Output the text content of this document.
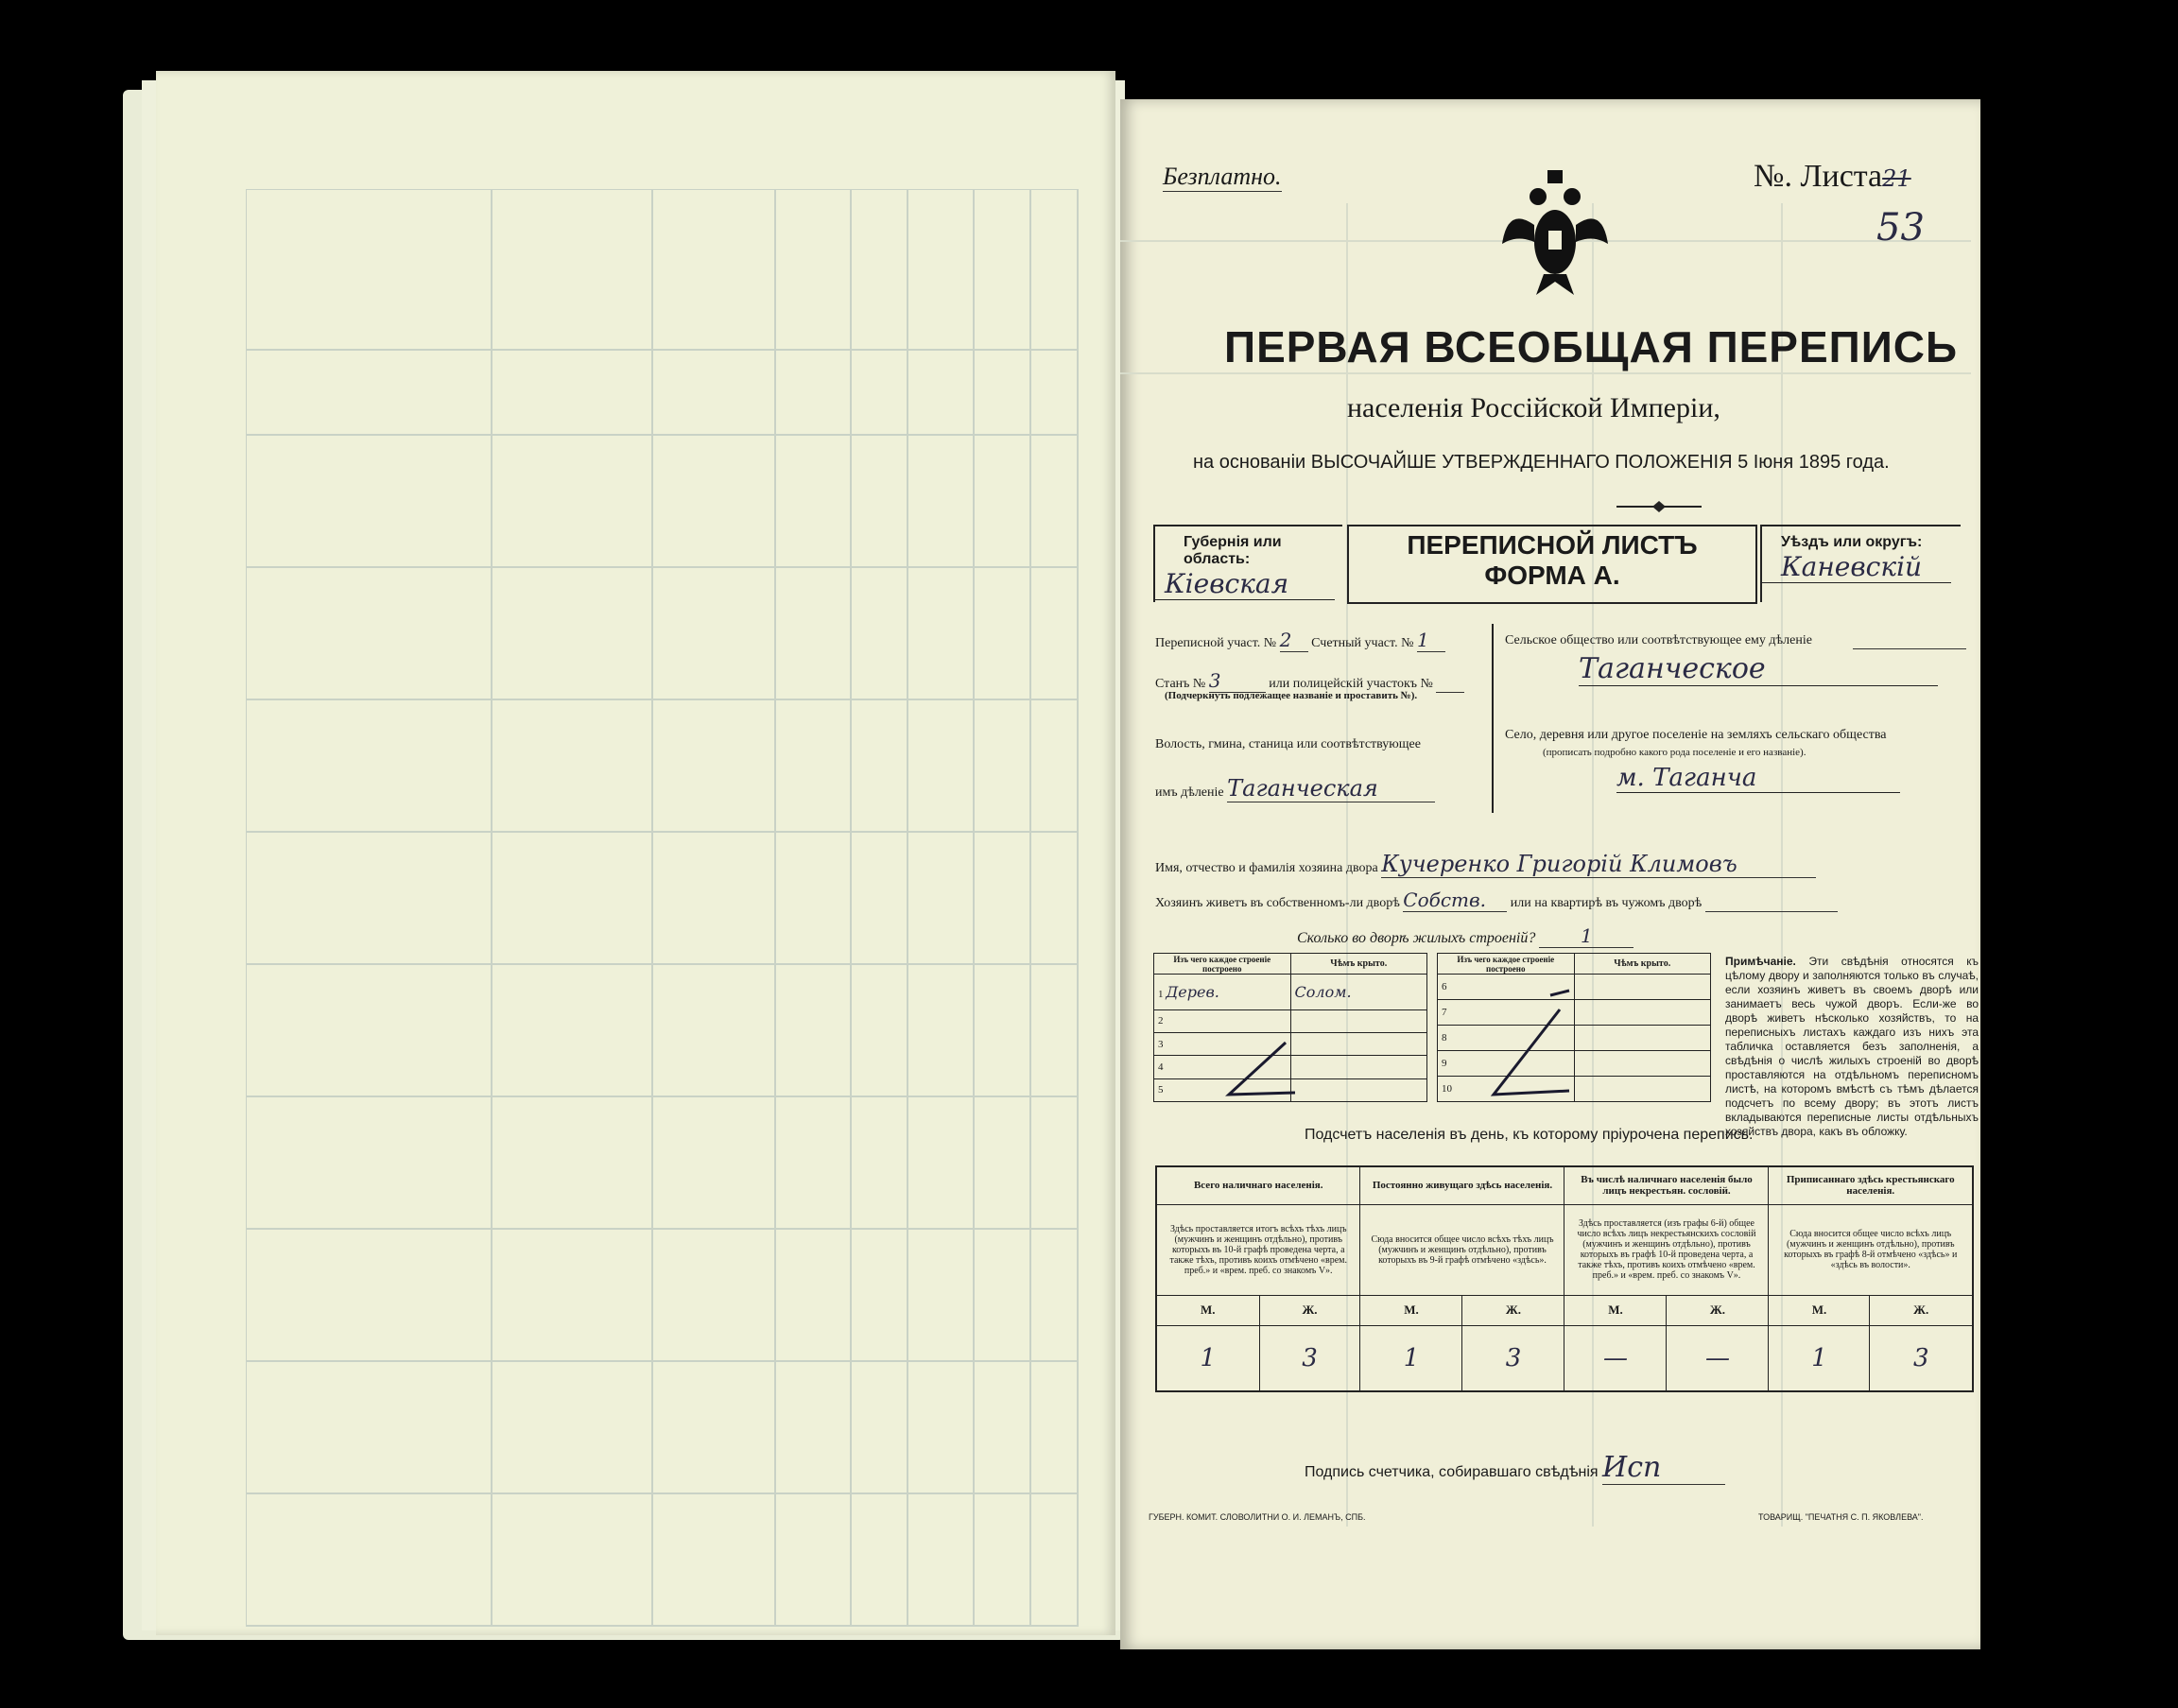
Безплатно.	№. Листа21
53
ПЕРВАЯ ВСЕОБЩАЯ ПЕРЕПИСЬ
населенія Россійской Имперіи,
на основаніи ВЫСОЧАЙШЕ УТВЕРЖДЕННАГО ПОЛОЖЕНІЯ 5 Іюня 1895 года.
Губернія или область:
Кіевская
ПЕРЕПИСНОЙ ЛИСТЪ
ФОРМА А.
Уѣздъ или округъ:
Каневскій
Переписной участ. № 2 Счетный участ. № 1
Станъ № 3	или полицейскій участокъ №
(Подчеркнуть подлежащее названіе и проставить №).
Волость, гмина, станица или соотвѣтствующее
имъ дѣленіе Таганческая
Сельское общество или соотвѣтствующее ему дѣленіе
Таганческое
Село, деревня или другое поселеніе на земляхъ сельскаго общества
(прописать подробно какого рода поселеніе и его названіе).
м. Таганча
Имя, отчество и фамилія хозяина двора Кучеренко Григорій Климовъ
Хозяинъ живетъ въ собственномъ-ли дворѣ Собств. или на квартирѣ въ чужомъ дворѣ
Сколько во дворѣ жилыхъ строеній? 1
Изъ чего каждое строеніе построено	Чѣмъ крыто.
1 Дерев.	Солом.
2	
3	
4	
5	
Изъ чего каждое строеніе построено	Чѣмъ крыто.
6	
7	
8	
9	
10	
Примѣчаніе. Эти свѣдѣнія относятся къ цѣлому двору и заполняются только въ случаѣ, если хозяинъ живетъ въ своемъ дворѣ или занимаетъ весь чужой дворъ. Если-же во дворѣ живетъ нѣсколько хозяйствъ, то на переписныхъ листахъ каждаго изъ нихъ эта табличка оставляется безъ заполненія, а свѣдѣнія о числѣ жилыхъ строеній во дворѣ проставляются на отдѣльномъ переписномъ листѣ, на которомъ вмѣстѣ съ тѣмъ дѣлается подсчетъ по всему двору; въ этотъ листъ вкладываются переписные листы отдѣльныхъ хозяйствъ двора, какъ въ обложку.
Подсчетъ населенія въ день, къ которому пріурочена перепись.
Всего наличнаго населенія.		Постоянно живущаго здѣсь населенія.		Въ числѣ наличнаго населенія было лицъ некрестьян. сословій.		Приписаннаго здѣсь крестьянскаго населенія.	
Здѣсь проставляется итогъ всѣхъ тѣхъ лицъ (мужчинъ и женщинъ отдѣльно), противъ которыхъ въ 10-й графѣ проведена черта, а также тѣхъ, противъ коихъ отмѣчено «врем. преб.» и «врем. преб. со знакомъ V».		Сюда вносится общее число всѣхъ тѣхъ лицъ (мужчинъ и женщинъ отдѣльно), противъ которыхъ въ 9-й графѣ отмѣчено «здѣсь».		Здѣсь проставляется (изъ графы 6-й) общее число всѣхъ лицъ некрестьянскихъ сословій (мужчинъ и женщинъ отдѣльно), противъ которыхъ въ графѣ 10-й проведена черта, а также тѣхъ, противъ коихъ отмѣчено «врем. преб.» и «врем. преб. со знакомъ V».		Сюда вносится общее число всѣхъ лицъ (мужчинъ и женщинъ отдѣльно), противъ которыхъ въ графѣ 8-й отмѣчено «здѣсь» и «здѣсь въ волости».	
М.	Ж.	М.	Ж.	М.	Ж.	М.	Ж.
1	3	1	3	—	—	1	3
Подпись счетчика, собиравшаго свѣдѣнія Исп
ГУБЕРН. КОМИТ. СЛОВОЛИТНИ О. И. ЛЕМАНЪ, СПБ.	ТОВАРИЩ. "ПЕЧАТНЯ С. П. ЯКОВЛЕВА".
